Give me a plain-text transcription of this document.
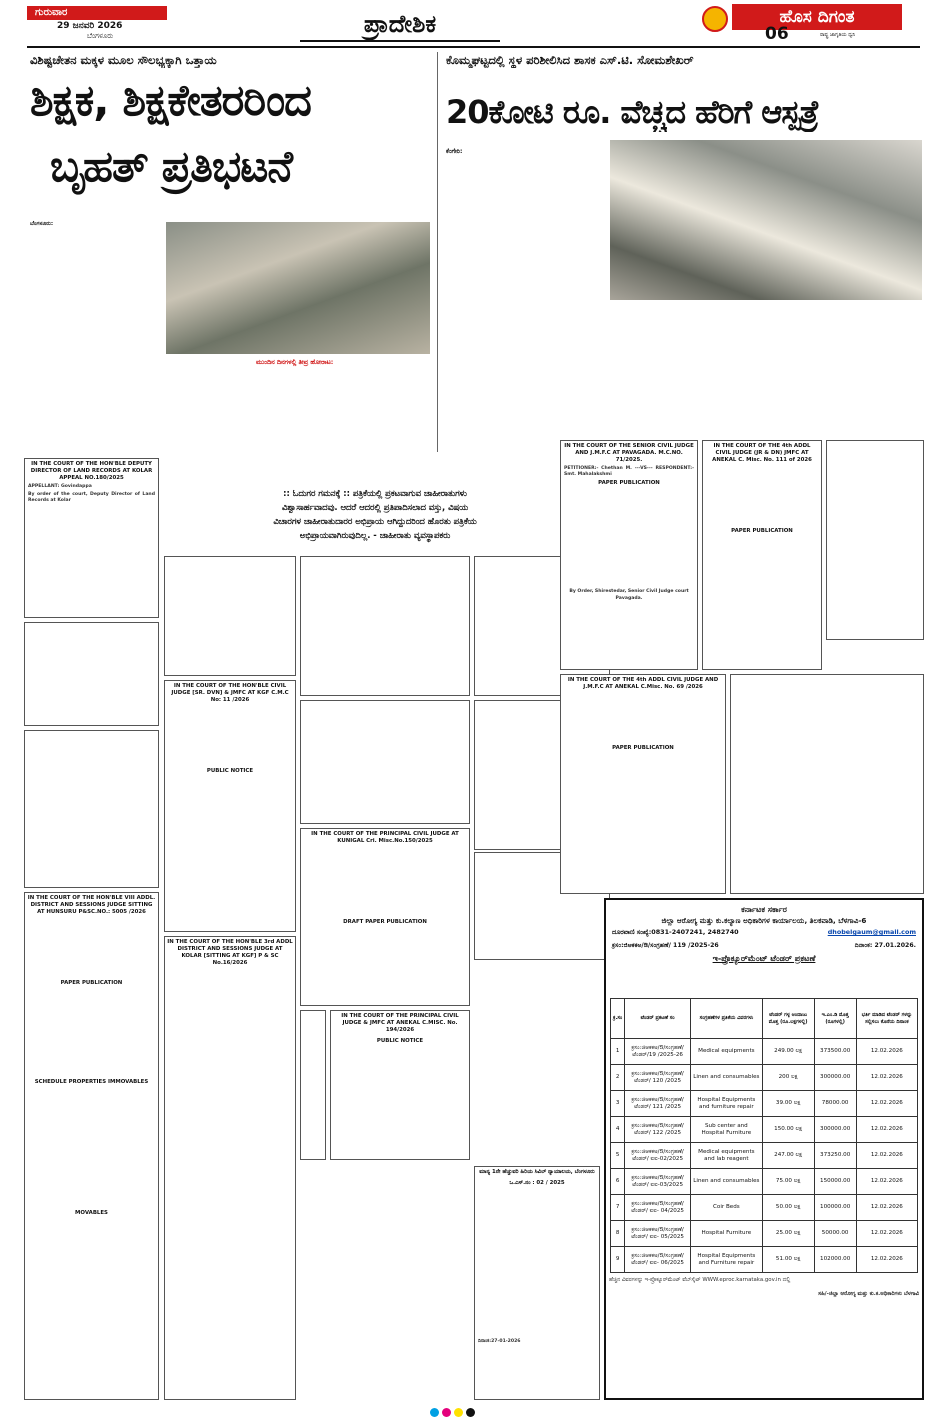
ಗುರುವಾರ
29 ಜನವರಿ 2026
ಬೆಂಗಳೂರು	ಪ್ರಾದೇಶಿಕ	ಹೊಸ ದಿಗಂತ
06	ರಾಷ್ಟ್ರ ಜಾಗೃತಿಯ ಧ್ವನಿ
ವಿಶಿಷ್ಟಚೇತನ ಮಕ್ಕಳ ಮೂಲ ಸೌಲಭ್ಯಕ್ಕಾಗಿ ಒತ್ತಾಯ
ಶಿಕ್ಷಕ, ಶಿಕ್ಷಕೇತರರಿಂದ
ಬೃಹತ್ ಪ್ರತಿಭಟನೆ
ಬೆಂಗಳೂರು:
ಮುಂದಿನ ದಿನಗಳಲ್ಲಿ ತೀವ್ರ ಹೋರಾಟ:
ಕೊಮ್ಮಘಟ್ಟದಲ್ಲಿ ಸ್ಥಳ ಪರಿಶೀಲಿಸಿದ ಶಾಸಕ ಎಸ್.ಟಿ. ಸೋಮಶೇಖರ್
20ಕೋಟಿ ರೂ. ವೆಚ್ಚದ ಹೆರಿಗೆ ಆಸ್ಪತ್ರೆ
ಕೆಂಗೇರಿ:
:: ಓದುಗರ ಗಮನಕ್ಕೆ :: ಪತ್ರಿಕೆಯಲ್ಲಿ ಪ್ರಕಟವಾಗುವ ಜಾಹೀರಾತುಗಳು
ವಿಶ್ವಾಸಾರ್ಹವಾದವು. ಆದರೆ ಆದರಲ್ಲಿ ಪ್ರತಿಪಾದಿಸಲಾದ ವಸ್ತು, ವಿಷಯ
ವಿಚಾರಗಳ ಜಾಹೀರಾತುದಾರರ ಅಭಿಪ್ರಾಯ ಆಗಿದ್ದುದರಿಂದ ಹೊರತು ಪತ್ರಿಕೆಯ
ಅಭಿಪ್ರಾಯವಾಗಿರುವುದಿಲ್ಲ. - ಜಾಹೀರಾತು ವ್ಯವಸ್ಥಾಪಕರು
IN THE COURT OF THE HON'BLE DEPUTY DIRECTOR OF LAND RECORDS AT KOLAR APPEAL NO.180/2025
APPELLANT: Govindappa
By order of the court, Deputy Director of Land Records at Kolar
IN THE COURT OF THE HON'BLE VIII ADDL. DISTRICT AND SESSIONS JUDGE SITTING AT HUNSURU P&SC.NO.: 5005 /2026
PAPER PUBLICATION
SCHEDULE PROPERTIES IMMOVABLES
MOVABLES
IN THE COURT OF THE HON'BLE CIVIL JUDGE [SR. DVN] & JMFC AT KGF C.M.C No: 11 /2026
PUBLIC NOTICE
IN THE COURT OF THE HON'BLE 3rd ADDL DISTRICT AND SESSIONS JUDGE AT KOLAR [SITTING AT KGF] P & SC No.16/2026
IN THE COURT OF THE PRINCIPAL CIVIL JUDGE AT KUNIGAL Cri. Misc.No.150/2025
DRAFT PAPER PUBLICATION
IN THE COURT OF THE PRINCIPAL CIVIL JUDGE & JMFC AT ANEKAL C.MISC. No. 194/2026
PUBLIC NOTICE
IN THE COURT OF THE SENIOR CIVIL JUDGE AND J.M.F.C AT PAVAGADA. M.C.NO. 71/2025.
PETITIONER:- Chethan M. ---VS--- RESPONDENT:- Smt. Mahalakshmi
PAPER PUBLICATION
By Order, Shirestedar, Senior Civil Judge court Pavagada.
IN THE COURT OF THE 4th ADDL CIVIL JUDGE (JR & DN) JMFC AT ANEKAL C. Misc. No. 111 of 2026
PAPER PUBLICATION
IN THE COURT OF THE 4th ADDL CIVIL JUDGE AND J.M.F.C AT ANEKAL C.Misc. No. 69 /2026
PAPER PUBLICATION
ಮಾನ್ಯ 1ನೇ ಹೆಚ್ಚುವರಿ ಹಿರಿಯ ಸಿವಿಲ್ ನ್ಯಾಯಾಲಯ, ಬೆಂಗಳೂರು
ಒ.ಎಸ್.ನಂ : 02 / 2025
ದಿನಾಂಕ:27-01-2026
ಕರ್ನಾಟಕ ಸರ್ಕಾರ
ಜಿಲ್ಲಾ ಆರೋಗ್ಯ ಮತ್ತು ಕು.ಕಲ್ಯಾಣ ಅಧಿಕಾರಿಗಳ ಕಾರ್ಯಾಲಯ, ತಿಲಕವಾಡಿ, ಬೆಳಗಾವಿ-6
ದೂರವಾಣಿ ಸಂಖ್ಯೆ:0831-2407241, 2482740	dhobelgaum@gmail.com
ಕ್ರಸಂ:ಜಿಆಕಕಅ/ಔ/ಸಂಗ್ರಹಣೆ/ 119 /2025-26	ದಿನಾಂಕ: 27.01.2026.
ಇ-ಪ್ರೊಕ್ಯೂರ್‌ಮೆಂಟ್ ಟೆಂಡರ್ ಪ್ರಕಟಣೆ
ಕ್ರ.ಸಂ	ಟೆಂಡರ್ ಪ್ರಕಟಣೆ ಸಂ	ಸಂಗ್ರಹಣೆಗಳ ಪ್ರತಿಕೆಯ ವಿವರಗಳು	ಟೆಂಡರ್ ಗಳ್ಳ ಅಂದಾಜು ಮೊತ್ತ (ರೂ.ಲಕ್ಷಗಳಲ್ಲಿ)	ಇ.ಎಂ.ಡಿ ಮೊತ್ತ (ರೂಗಳಲ್ಲಿ)	ಭರ್ತಿ ಮಾಡಿದ ಟೆಂಡರ್ ಗಳನ್ನು ಸಲ್ಲಿಸಲು ಕೊನೆಯ ದಿನಾಂಕ
1	ಕ್ರಸಂ:ಜಿಆಕಕಅ/ಔ/ಸಂಗ್ರಹಣೆ/ ಟೆಂಡರ್/19 /2025-26	Medical equipments	249.00 ಲಕ್ಷ	373500.00	12.02.2026
2	ಕ್ರಸಂ:ಜಿಆಕಕಅ/ಔ/ಸಂಗ್ರಹಣೆ/ ಟೆಂಡರ್/ 120 /2025	Linen and consumables	200 ಲಕ್ಷ	300000.00	12.02.2026
3	ಕ್ರಸಂ:ಜಿಆಕಕಅ/ಔ/ಸಂಗ್ರಹಣೆ/ ಟೆಂಡರ್/ 121 /2025	Hospital Equipments and furniture repair	39.00 ಲಕ್ಷ	78000.00	12.02.2026
4	ಕ್ರಸಂ:ಜಿಆಕಕಅ/ಔ/ಸಂಗ್ರಹಣೆ/ ಟೆಂಡರ್/ 122 /2025	Sub center and Hospital Furniture	150.00 ಲಕ್ಷ	300000.00	12.02.2026
5	ಕ್ರಸಂ:ಜಿಆಕಕಅ/ಔ/ಸಂಗ್ರಹಣೆ/ ಟೆಂಡರ್/ ಐಐ-02/2025	Medical equipments and lab reagent	247.00 ಲಕ್ಷ	373250.00	12.02.2026
6	ಕ್ರಸಂ:ಜಿಆಕಕಅ/ಔ/ಸಂಗ್ರಹಣೆ/ ಟೆಂಡರ್/ ಐಐ-03/2025	Linen and consumables	75.00 ಲಕ್ಷ	150000.00	12.02.2026
7	ಕ್ರಸಂ:ಜಿಆಕಕಅ/ಔ/ಸಂಗ್ರಹಣೆ/ ಟೆಂಡರ್/ ಐಐ- 04/2025	Coir Beds	50.00 ಲಕ್ಷ	100000.00	12.02.2026
8	ಕ್ರಸಂ:ಜಿಆಕಕಅ/ಔ/ಸಂಗ್ರಹಣೆ/ ಟೆಂಡರ್/ ಐಐ- 05/2025	Hospital Furniture	25.00 ಲಕ್ಷ	50000.00	12.02.2026
9	ಕ್ರಸಂ:ಜಿಆಕಕಅ/ಔ/ಸಂಗ್ರಹಣೆ/ ಟೆಂಡರ್/ ಐಐ- 06/2025	Hospital Equipments and Furniture repair	51.00 ಲಕ್ಷ	102000.00	12.02.2026
ಹೆಚ್ಚಿನ ವಿವರಗಳನ್ನು ಇ-ಪ್ರೊಕ್ಯೂರ್‌ಮೆಂಟ್ ವೆಬ್‌ಸೈಟ್ WWW.eproc.karnataka.gov.in ದಲ್ಲಿ
ಸಹಿ/-ಜಿಲ್ಲಾ ಆರೋಗ್ಯ ಮತ್ತು ಕು.ಕ.ಅಧಿಕಾರಿಗಳು ಬೆಳಗಾವಿ
